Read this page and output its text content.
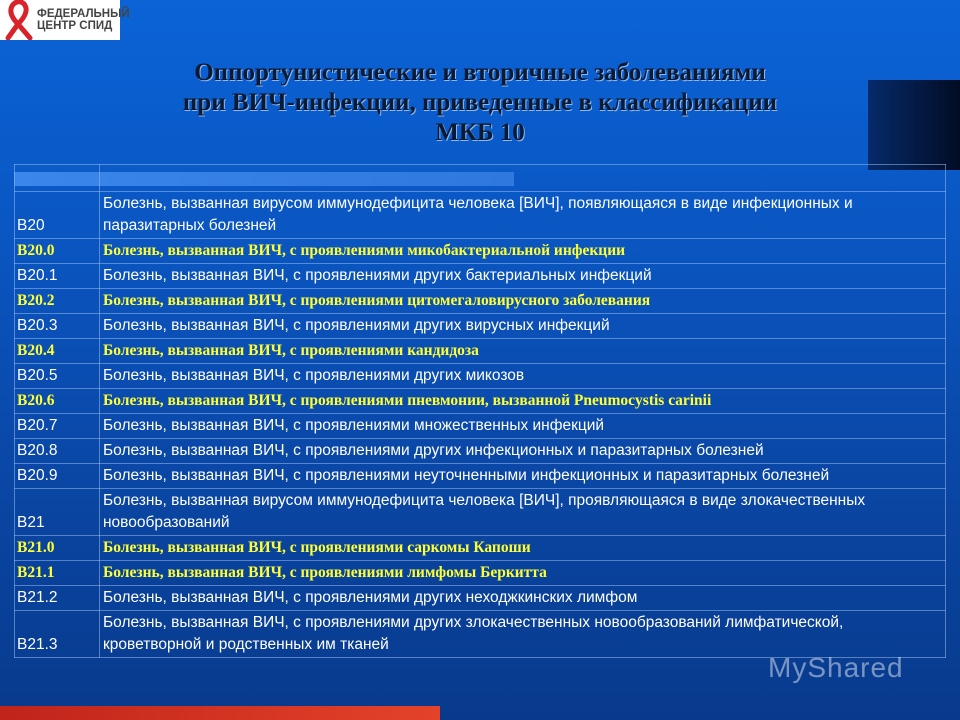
ФЕДЕРАЛЬНЫЙ
ЦЕНТР СПИД
Оппортунистические и вторичные заболеваниями
при ВИЧ-инфекции, приведенные в классификации
МКБ 10

B20	Болезнь, вызванная вирусом иммунодефицита человека [ВИЧ], появляющаяся в виде инфекционных и паразитарных болезней
B20.0	Болезнь, вызванная ВИЧ, с проявлениями микобактериальной инфекции
B20.1	Болезнь, вызванная ВИЧ, с проявлениями других бактериальных инфекций
B20.2	Болезнь, вызванная ВИЧ, с проявлениями цитомегаловирусного заболевания
B20.3	Болезнь, вызванная ВИЧ, с проявлениями других вирусных инфекций
B20.4	Болезнь, вызванная ВИЧ, с проявлениями кандидоза
B20.5	Болезнь, вызванная ВИЧ, с проявлениями других микозов
B20.6	Болезнь, вызванная ВИЧ, с проявлениями пневмонии, вызванной Pneumocystis carinii
B20.7	Болезнь, вызванная ВИЧ, с проявлениями множественных инфекций
B20.8	Болезнь, вызванная ВИЧ, с проявлениями других инфекционных и паразитарных болезней
B20.9	Болезнь, вызванная ВИЧ, с проявлениями неуточненными инфекционных и паразитарных болезней
B21	Болезнь, вызванная вирусом иммунодефицита человека [ВИЧ], проявляющаяся в виде злокачественных новообразований
B21.0	Болезнь, вызванная ВИЧ, с проявлениями саркомы Капоши
B21.1	Болезнь, вызванная ВИЧ, с проявлениями лимфомы Беркитта
B21.2	Болезнь, вызванная ВИЧ, с проявлениями других неходжкинских лимфом
B21.3	Болезнь, вызванная ВИЧ, с проявлениями других злокачественных новообразований лимфатической, кроветворной и родственных им тканей
MyShared
